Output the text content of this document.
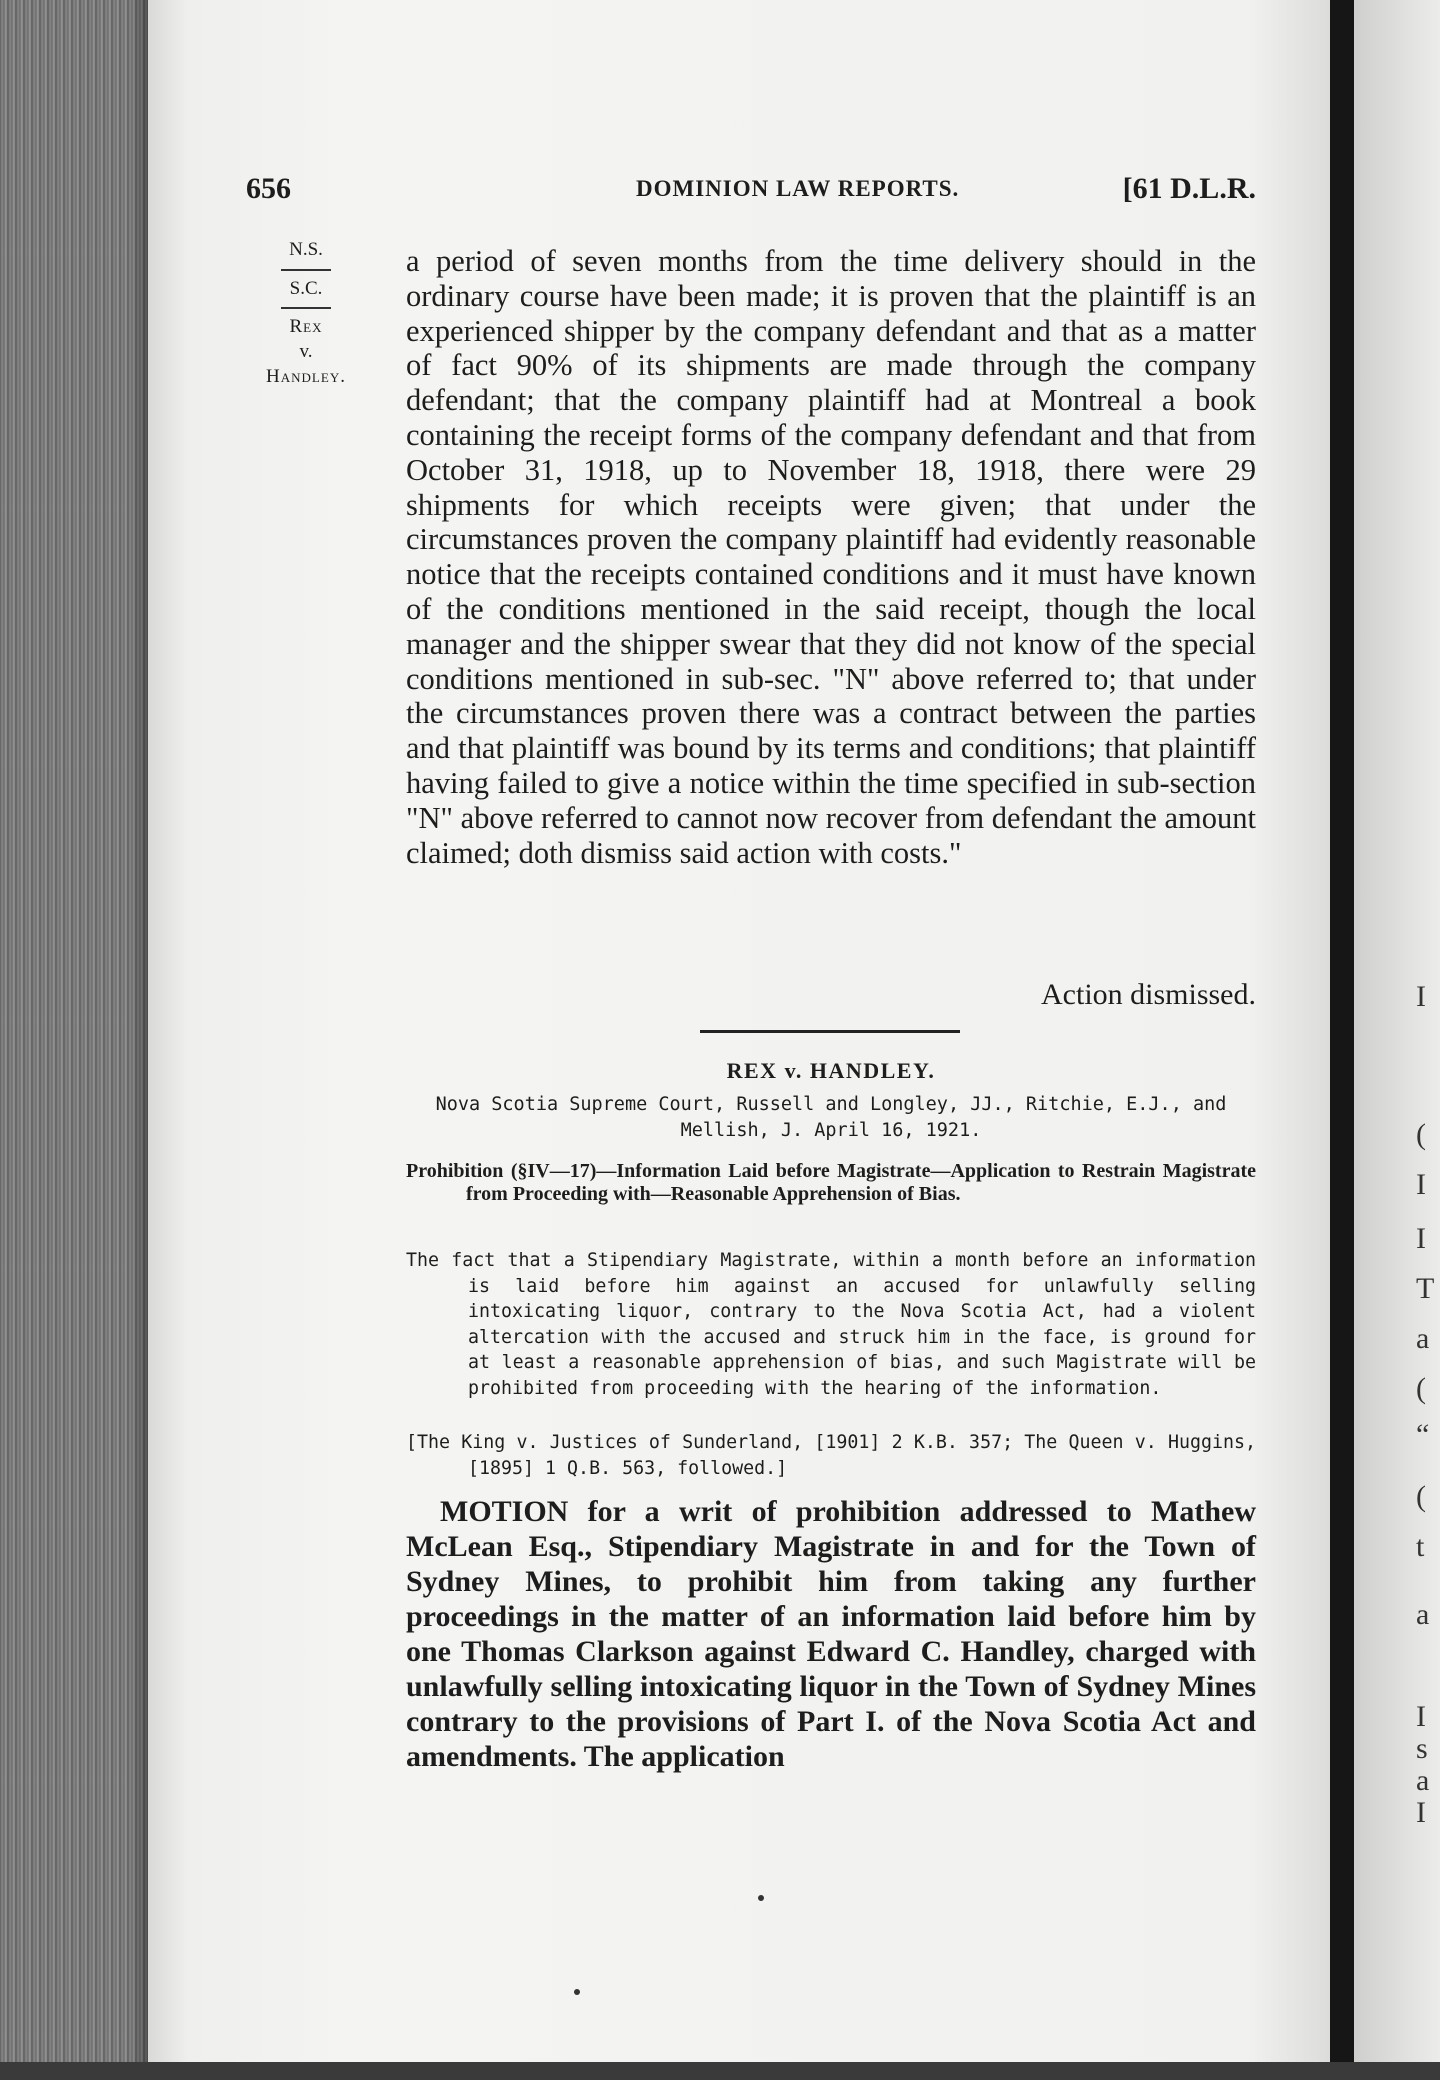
I
(
I
I
T
a
(
“
(
t
a
I
s
a
I
656	DOMINION LAW REPORTS.	[61 D.L.R.
N.S.
S.C.
Rex
v.
Handley.

a period of seven months from the time delivery should in the ordinary course have been made; it is proven that the plaintiff is an experienced shipper by the company defendant and that as a matter of fact 90% of its shipments are made through the company defendant; that the company plaintiff had at Montreal a book containing the receipt forms of the company defendant and that from October 31, 1918, up to November 18, 1918, there were 29 shipments for which receipts were given; that under the circumstances proven the company plaintiff had evidently reasonable notice that the receipts contained conditions and it must have known of the conditions mentioned in the said receipt, though the local manager and the shipper swear that they did not know of the special conditions mentioned in sub-sec. "N" above referred to; that under the circumstances proven there was a contract between the parties and that plaintiff was bound by its terms and conditions; that plaintiff having failed to give a notice within the time specified in sub-section "N" above referred to cannot now recover from defendant the amount claimed; doth dismiss said action with costs."

Action dismissed.
REX v. HANDLEY.
Nova Scotia Supreme Court, Russell and Longley, JJ., Ritchie, E.J., and Mellish, J. April 16, 1921.
Prohibition (§IV—17)—Information Laid before Magistrate—Application to Restrain Magistrate from Proceeding with—Reasonable Apprehension of Bias.
The fact that a Stipendiary Magistrate, within a month before an information is laid before him against an accused for unlawfully selling intoxicating liquor, contrary to the Nova Scotia Act, had a violent altercation with the accused and struck him in the face, is ground for at least a reasonable apprehension of bias, and such Magistrate will be prohibited from proceeding with the hearing of the information.
[The King v. Justices of Sunderland, [1901] 2 K.B. 357; The Queen v. Huggins, [1895] 1 Q.B. 563, followed.]
MOTION for a writ of prohibition addressed to Mathew McLean Esq., Stipendiary Magistrate in and for the Town of Sydney Mines, to prohibit him from taking any further proceedings in the matter of an information laid before him by one Thomas Clarkson against Edward C. Handley, charged with unlawfully selling intoxicating liquor in the Town of Sydney Mines contrary to the provisions of Part I. of the Nova Scotia Act and amendments. The application
